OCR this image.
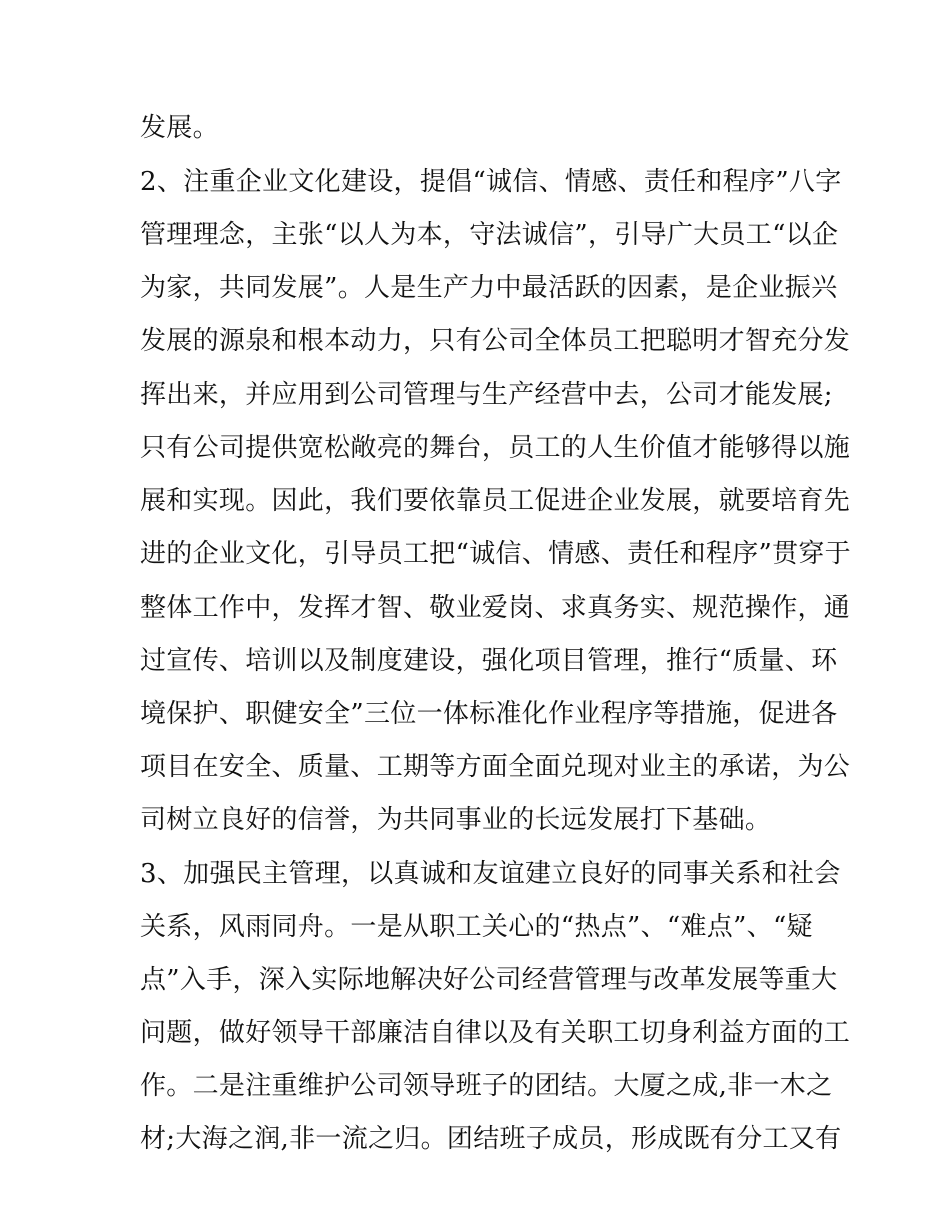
发展。
2、注重企业文化建设，提倡“诚信、情感、责任和程序”八字
管理理念，主张“以人为本，守法诚信”，引导广大员工“以企
为家，共同发展”。人是生产力中最活跃的因素，是企业振兴
发展的源泉和根本动力，只有公司全体员工把聪明才智充分发
挥出来，并应用到公司管理与生产经营中去，公司才能发展;
只有公司提供宽松敞亮的舞台，员工的人生价值才能够得以施
展和实现。因此，我们要依靠员工促进企业发展，就要培育先
进的企业文化，引导员工把“诚信、情感、责任和程序”贯穿于
整体工作中，发挥才智、敬业爱岗、求真务实、规范操作，通
过宣传、培训以及制度建设，强化项目管理，推行“质量、环
境保护、职健安全”三位一体标准化作业程序等措施，促进各
项目在安全、质量、工期等方面全面兑现对业主的承诺，为公
司树立良好的信誉，为共同事业的长远发展打下基础。
3、加强民主管理，以真诚和友谊建立良好的同事关系和社会
关系，风雨同舟。一是从职工关心的“热点”、“难点”、“疑
点”入手，深入实际地解决好公司经营管理与改革发展等重大
问题，做好领导干部廉洁自律以及有关职工切身利益方面的工
作。二是注重维护公司领导班子的团结。大厦之成,非一木之
材;大海之润,非一流之归。团结班子成员，形成既有分工又有
